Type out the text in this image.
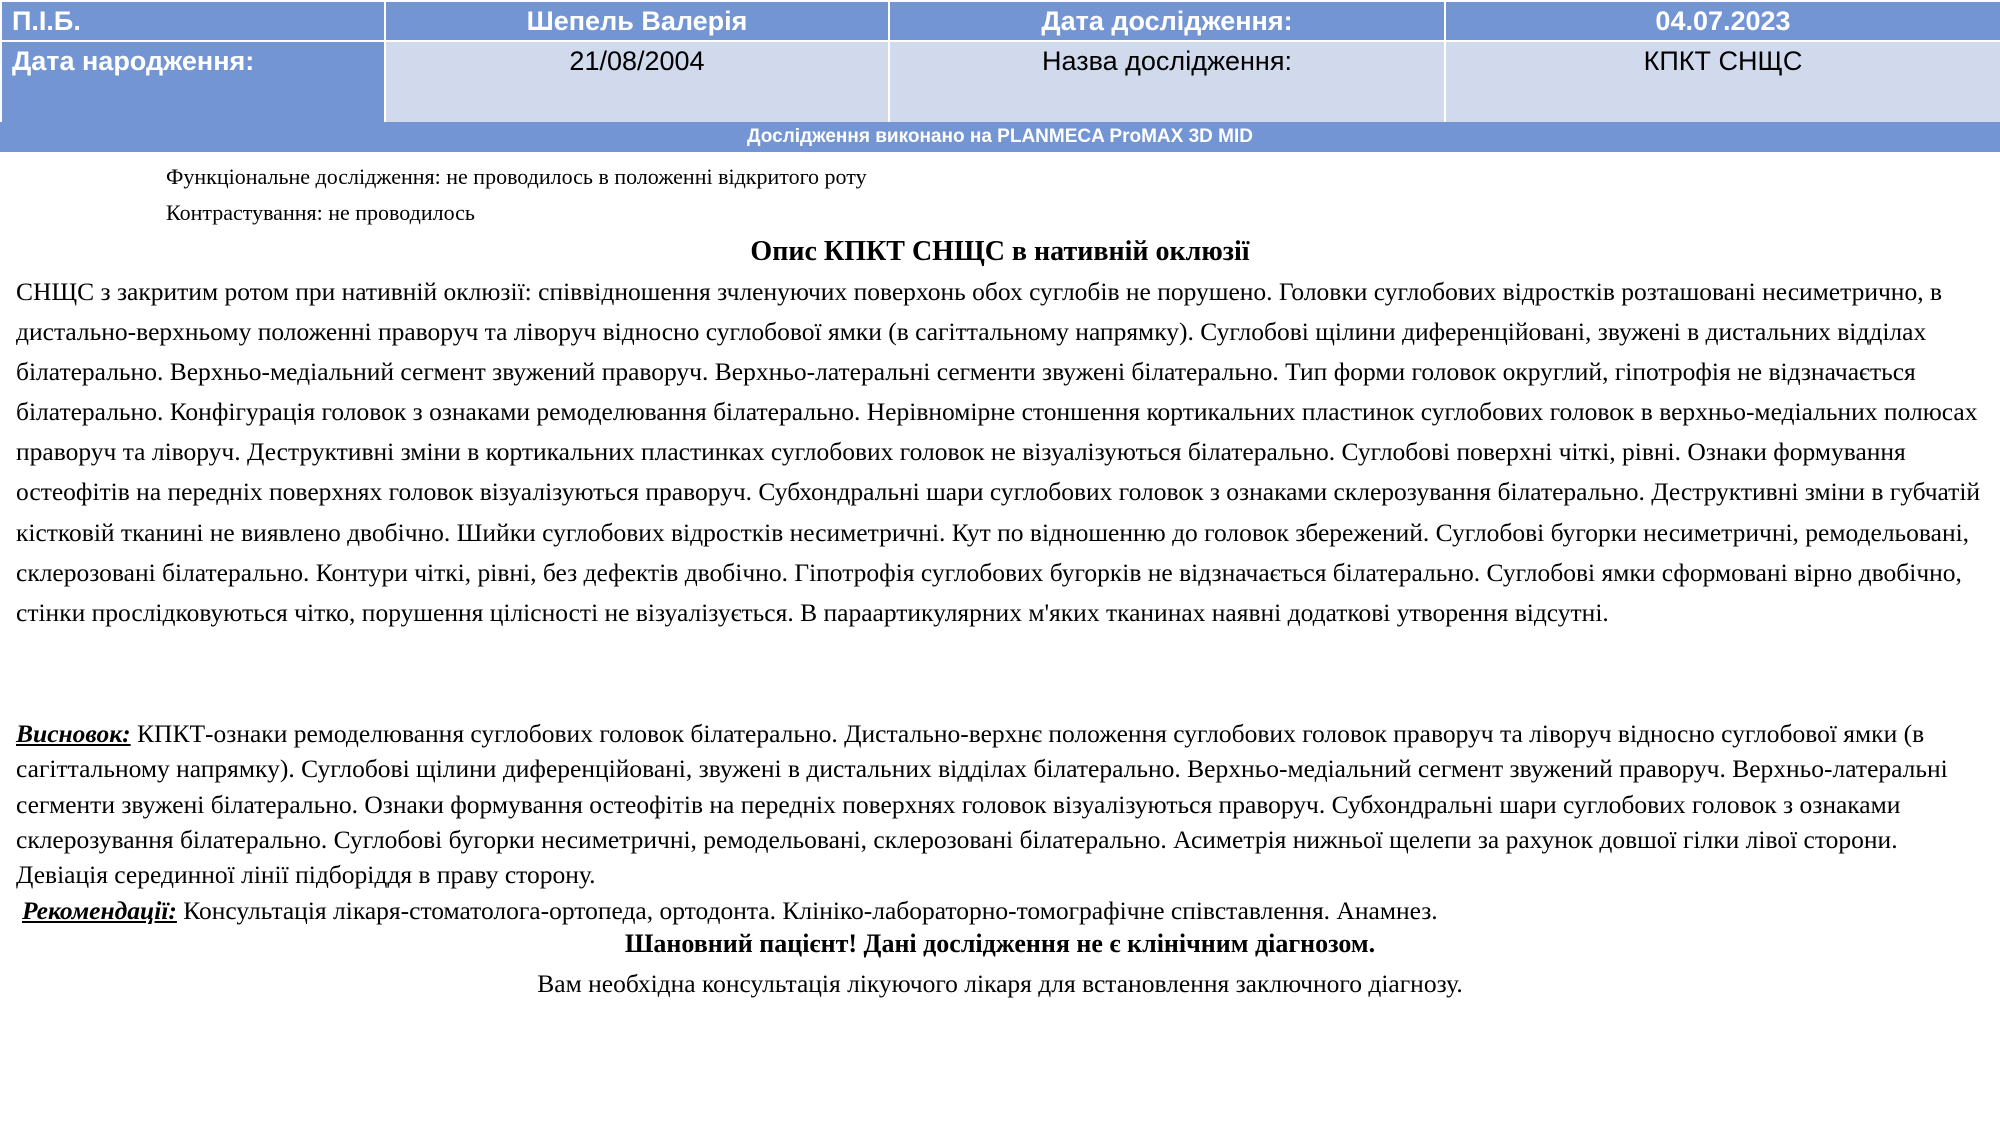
П.І.Б.	Шепель Валерія	Дата дослідження:	04.07.2023
Дата народження:	21/08/2004	Назва дослідження:	КПКТ СНЩС
Дослідження виконано на PLANMECA ProMAX 3D MID
Функціональне дослідження: не проводилось в положенні відкритого роту
Контрастування: не проводилось
Опис КПКТ СНЩС в нативній оклюзії
СНЩС з закритим ротом при нативній оклюзії: співвідношення зчленуючих поверхонь обох суглобів не порушено. Головки суглобових відростків розташовані несиметрично, в дистально-верхньому положенні праворуч та ліворуч відносно суглобової ямки (в сагіттальному напрямку). Суглобові щілини диференційовані, звужені в дистальних відділах білатерально. Верхньо-медіальний сегмент звужений праворуч. Верхньо-латеральні сегменти звужені білатерально. Тип форми головок округлий, гіпотрофія не відзначається білатерально. Конфігурація головок з ознаками ремоделювання білатерально. Нерівномірне стоншення кортикальних пластинок суглобових головок в верхньо-медіальних полюсах праворуч та ліворуч. Деструктивні зміни в кортикальних пластинках суглобових головок не візуалізуються білатерально. Суглобові поверхні чіткі, рівні. Ознаки формування остеофітів на передніх поверхнях головок візуалізуються праворуч. Субхондральні шари суглобових головок з ознаками склерозування білатерально. Деструктивні зміни в губчатій кістковій тканині не виявлено двобічно. Шийки суглобових відростків несиметричні. Кут по відношенню до головок збережений. Суглобові бугорки несиметричні, ремодельовані, склерозовані білатерально. Контури чіткі, рівні, без дефектів двобічно. Гіпотрофія суглобових бугорків не відзначається білатерально. Суглобові ямки сформовані вірно двобічно, стінки прослідковуються чітко, порушення цілісності не візуалізується. В параартикулярних м'яких тканинах наявні додаткові утворення відсутні.
Висновок: КПКТ-ознаки ремоделювання суглобових головок білатерально. Дистально-верхнє положення суглобових головок праворуч та ліворуч відносно суглобової ямки (в сагіттальному напрямку). Суглобові щілини диференційовані, звужені в дистальних відділах білатерально. Верхньо-медіальний сегмент звужений праворуч. Верхньо-латеральні сегменти звужені білатерально. Ознаки формування остеофітів на передніх поверхнях головок візуалізуються праворуч. Субхондральні шари суглобових головок з ознаками склерозування білатерально. Суглобові бугорки несиметричні, ремодельовані, склерозовані білатерально. Асиметрія нижньої щелепи за рахунок довшої гілки лівої сторони. Девіація серединної лінії підборіддя в праву сторону.
Рекомендації: Консультація лікаря-стоматолога-ортопеда, ортодонта. Клініко-лабораторно-томографічне співставлення. Анамнез.
Шановний пацієнт! Дані дослідження не є клінічним діагнозом.
Вам необхідна консультація лікуючого лікаря для встановлення заключного діагнозу.
